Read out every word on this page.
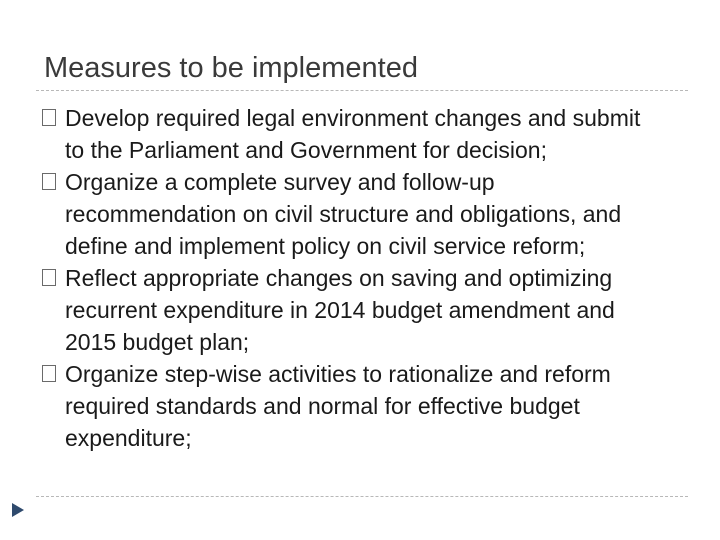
Measures to be implemented
Develop required legal environment changes and submit to the Parliament and Government for decision;
Organize a complete survey and follow-up recommendation on civil structure and obligations, and define and implement policy on civil service reform;
Reflect appropriate changes on saving and optimizing recurrent expenditure in 2014 budget amendment and 2015 budget plan;
Organize step-wise activities to rationalize and reform required standards and normal for effective budget expenditure;
